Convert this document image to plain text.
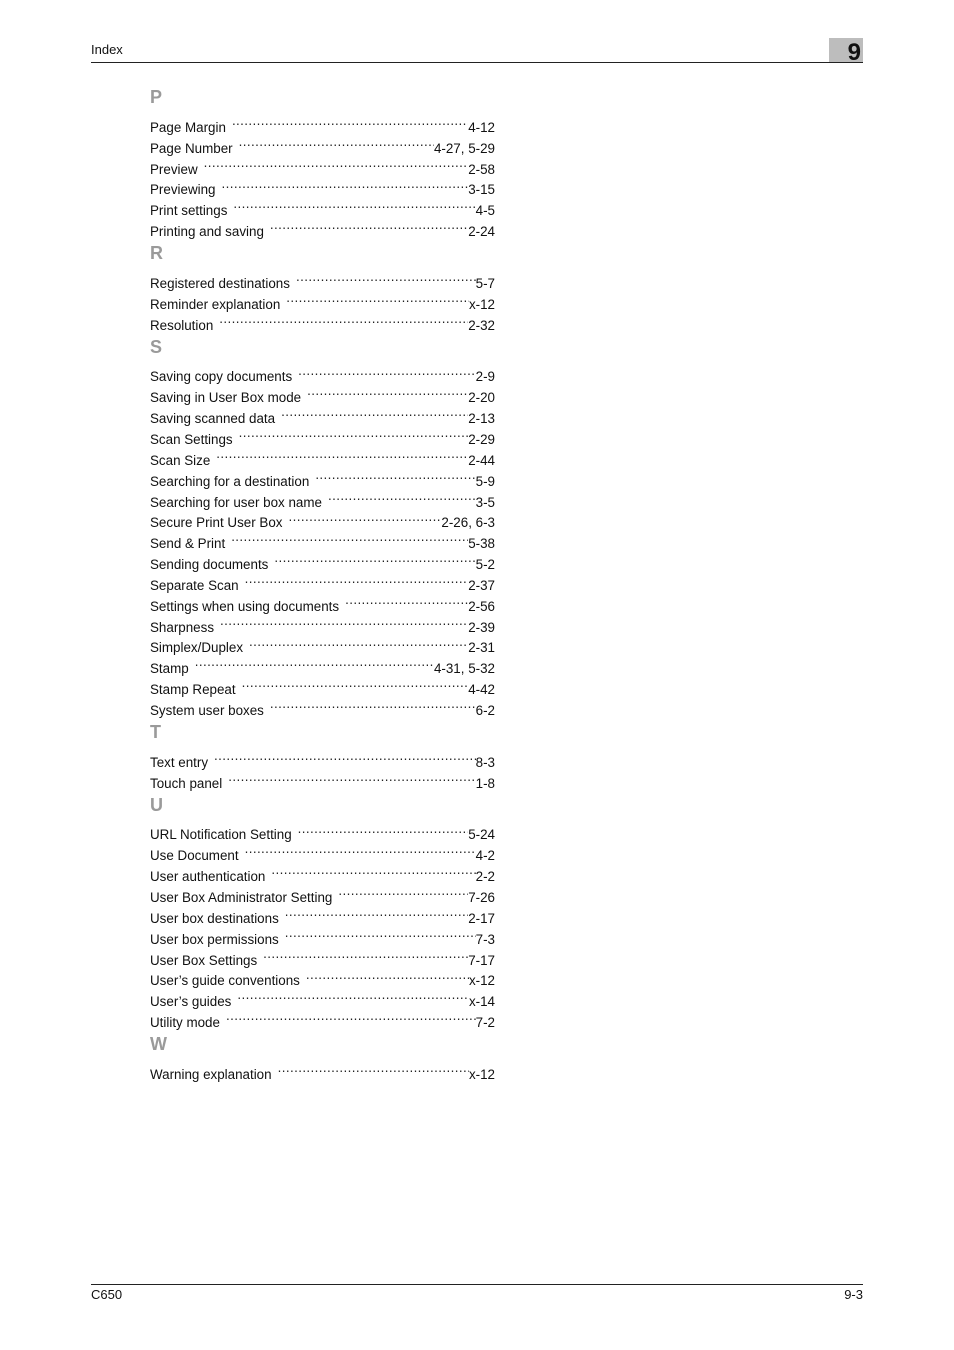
Index	9
P
Page Margin .....	4-12
Page Number .....	4-27, 5-29
Preview .....	2-58
Previewing .....	3-15
Print settings .....	4-5
Printing and saving .....	2-24
R
Registered destinations .....	5-7
Reminder explanation .....	x-12
Resolution .....	2-32
S
Saving copy documents .....	2-9
Saving in User Box mode .....	2-20
Saving scanned data .....	2-13
Scan Settings .....	2-29
Scan Size .....	2-44
Searching for a destination .....	5-9
Searching for user box name .....	3-5
Secure Print User Box .....	2-26, 6-3
Send & Print .....	5-38
Sending documents .....	5-2
Separate Scan .....	2-37
Settings when using documents .....	2-56
Sharpness .....	2-39
Simplex/Duplex .....	2-31
Stamp .....	4-31, 5-32
Stamp Repeat .....	4-42
System user boxes .....	6-2
T
Text entry .....	8-3
Touch panel .....	1-8
U
URL Notification Setting .....	5-24
Use Document .....	4-2
User authentication .....	2-2
User Box Administrator Setting .....	7-26
User box destinations .....	2-17
User box permissions .....	7-3
User Box Settings .....	7-17
User’s guide conventions .....	x-12
User’s guides .....	x-14
Utility mode .....	7-2
W
Warning explanation .....	x-12
C650	9-3
